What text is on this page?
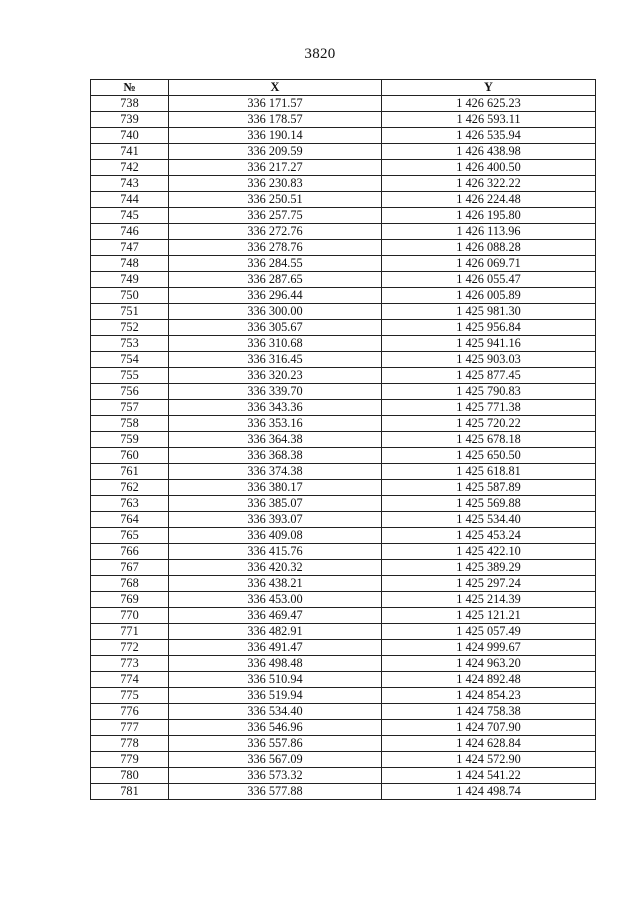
3820
№	X	Y
738	336 171.57	1 426 625.23
739	336 178.57	1 426 593.11
740	336 190.14	1 426 535.94
741	336 209.59	1 426 438.98
742	336 217.27	1 426 400.50
743	336 230.83	1 426 322.22
744	336 250.51	1 426 224.48
745	336 257.75	1 426 195.80
746	336 272.76	1 426 113.96
747	336 278.76	1 426 088.28
748	336 284.55	1 426 069.71
749	336 287.65	1 426 055.47
750	336 296.44	1 426 005.89
751	336 300.00	1 425 981.30
752	336 305.67	1 425 956.84
753	336 310.68	1 425 941.16
754	336 316.45	1 425 903.03
755	336 320.23	1 425 877.45
756	336 339.70	1 425 790.83
757	336 343.36	1 425 771.38
758	336 353.16	1 425 720.22
759	336 364.38	1 425 678.18
760	336 368.38	1 425 650.50
761	336 374.38	1 425 618.81
762	336 380.17	1 425 587.89
763	336 385.07	1 425 569.88
764	336 393.07	1 425 534.40
765	336 409.08	1 425 453.24
766	336 415.76	1 425 422.10
767	336 420.32	1 425 389.29
768	336 438.21	1 425 297.24
769	336 453.00	1 425 214.39
770	336 469.47	1 425 121.21
771	336 482.91	1 425 057.49
772	336 491.47	1 424 999.67
773	336 498.48	1 424 963.20
774	336 510.94	1 424 892.48
775	336 519.94	1 424 854.23
776	336 534.40	1 424 758.38
777	336 546.96	1 424 707.90
778	336 557.86	1 424 628.84
779	336 567.09	1 424 572.90
780	336 573.32	1 424 541.22
781	336 577.88	1 424 498.74
